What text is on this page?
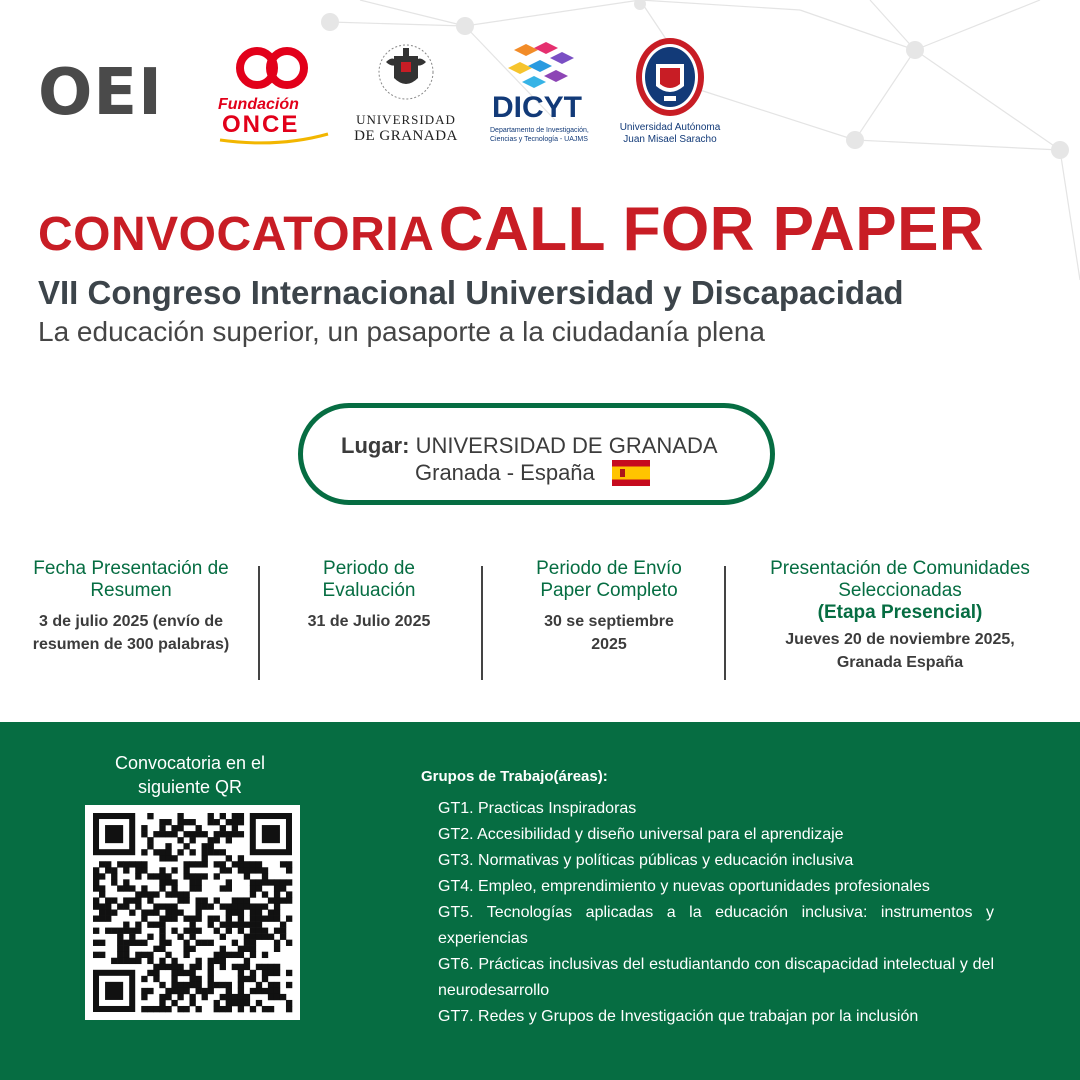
OEI	Fundación
ONCE	UNIVERSIDAD
DE GRANADA
DICYT
Departamento de Investigación, Ciencias y Tecnología - UAJMS
Universidad Autónoma
Juan Misael Saracho
CONVOCATORIA CALL FOR PAPER
VII Congreso Internacional Universidad y Discapacidad
La educación superior, un pasaporte a la ciudadanía plena
Lugar: UNIVERSIDAD DE GRANADA
Granada - España
Fecha Presentación de Resumen
3 de julio 2025 (envío de resumen de 300 palabras)
Periodo de Evaluación
31 de Julio 2025
Periodo de Envío Paper Completo
30 se septiembre 2025
Presentación de Comunidades Seleccionadas
(Etapa Presencial)
Jueves 20 de noviembre 2025, Granada España
Convocatoria en el siguiente QR
Grupos de Trabajo(áreas):
GT1. Practicas Inspiradoras
GT2. Accesibilidad y diseño universal para el aprendizaje
GT3. Normativas y políticas públicas y educación inclusiva
GT4. Empleo, emprendimiento y nuevas oportunidades profesionales
GT5. Tecnologías aplicadas a la educación inclusiva: instrumentos y experiencias
GT6. Prácticas inclusivas del estudiantando con discapacidad intelectual y del neurodesarrollo
GT7. Redes y Grupos de Investigación que trabajan por la inclusión
